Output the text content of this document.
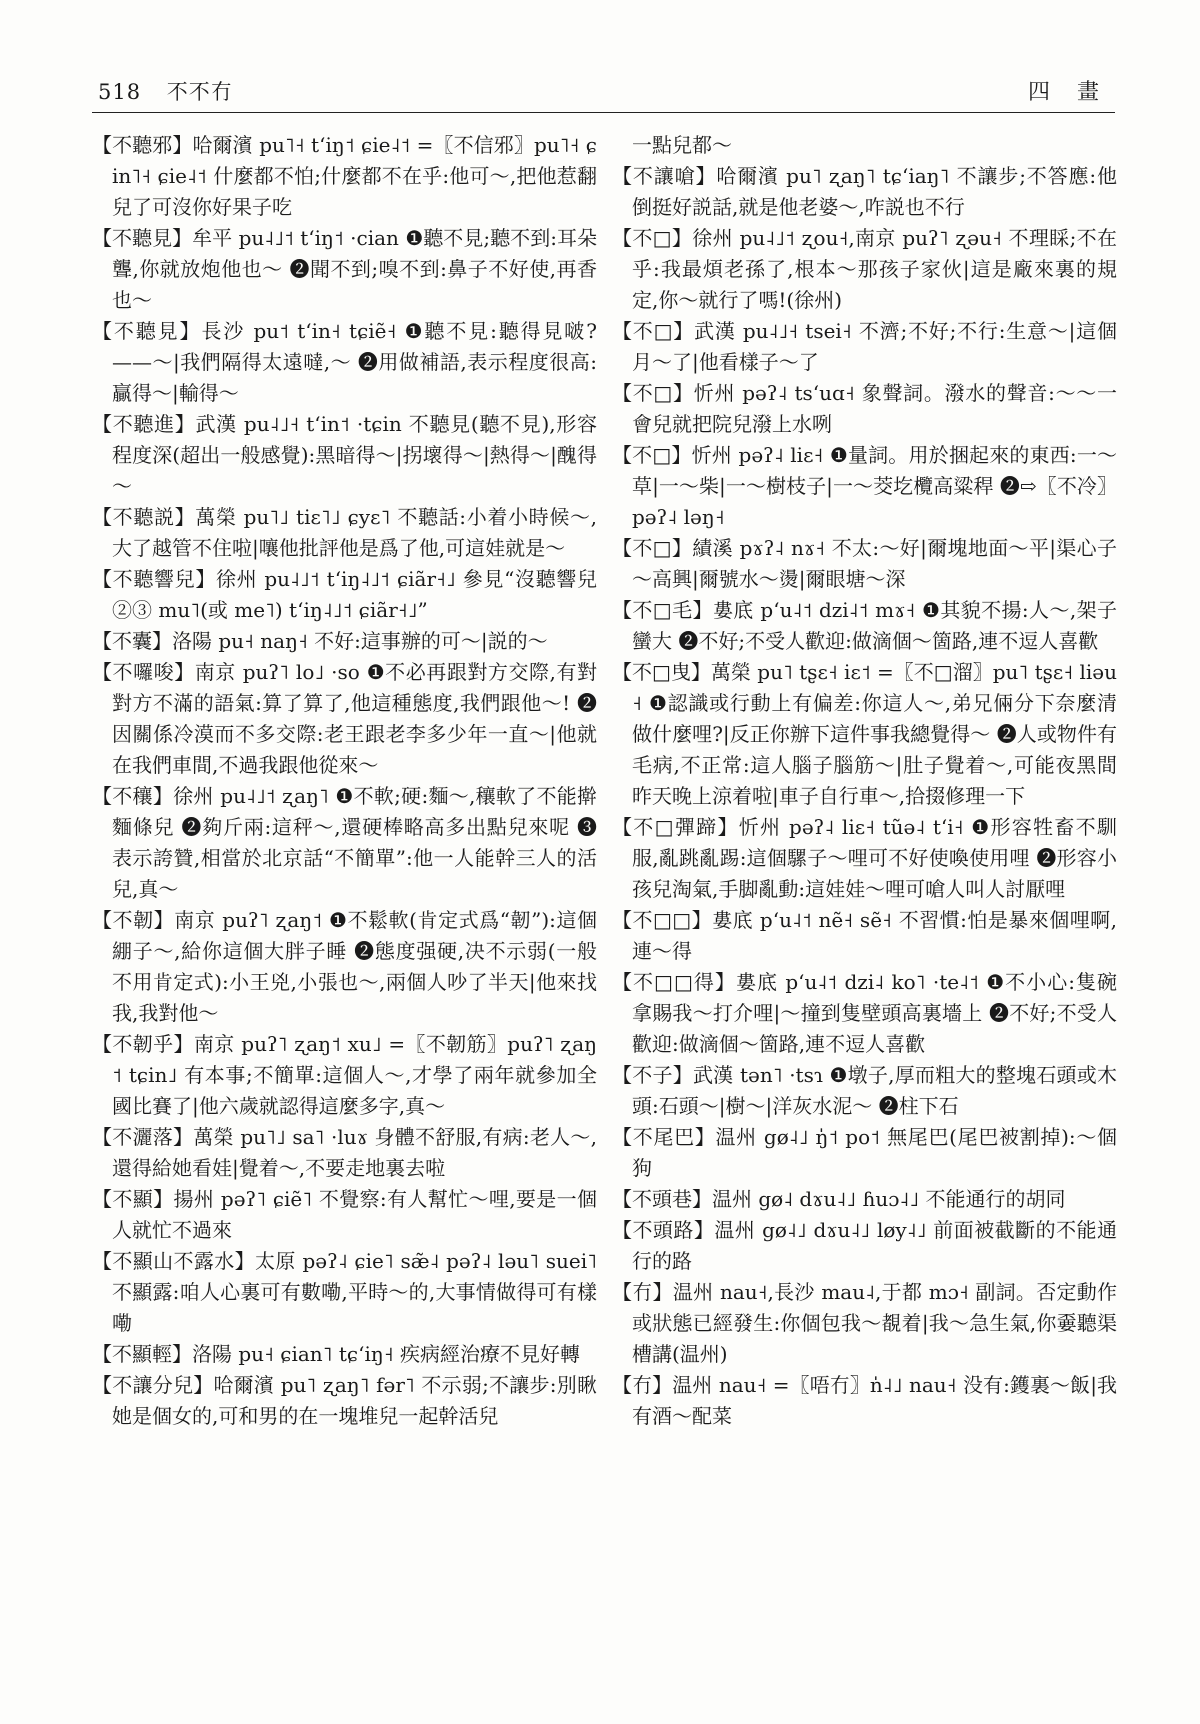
518 不不冇	四 畫

【不聽邪】哈爾濱 pu˥˧ tʻiŋ˦ ɕie˨˦ =〖不信邪〗pu˥˧ ɕin˥˧ ɕie˨˦ 什麼都不怕;什麼都不在乎:他可～,把他惹翻兒了可沒你好果子吃

【不聽見】牟平 pu˨˩˦ tʻiŋ˦ ·cian ❶聽不見;聽不到:耳朵聾,你就放炮他也～ ❷聞不到;嗅不到:鼻子不好使,再香也～

【不聽見】長沙 pu˦ tʻin˧ tɕiẽ˧ ❶聽不見:聽得見啵?——～|我們隔得太遠噠,～ ❷用做補語,表示程度很高:贏得～|輸得～

【不聽進】武漢 pu˨˩˧ tʻin˦ ·tɕin 不聽見(聽不見),形容程度深(超出一般感覺):黑暗得～|拐壞得～|熱得～|醜得～

【不聽説】萬榮 pu˥˩ tiɛ˥˩ ɕyɛ˥ 不聽話:小着小時候～,大了越管不住啦|嚷他批評他是爲了他,可這娃就是～

【不聽響兒】徐州 pu˨˩˦ tʻiŋ˨˩˦ ɕiãr˧˩ 參見“沒聽響兒②③ mu˥(或 me˥) tʻiŋ˨˩˦ ɕiãr˧˩”

【不囊】洛陽 pu˧ naŋ˧ 不好:這事辦的可～|説的～

【不囉唆】南京 puʔ˥ lo˩ ·so ❶不必再跟對方交際,有對對方不滿的語氣:算了算了,他這種態度,我們跟他～! ❷因關係冷漠而不多交際:老王跟老李多少年一直～|他就在我們車間,不過我跟他從來～

【不穰】徐州 pu˨˩˦ ʐaŋ˥ ❶不軟;硬:麵～,穰軟了不能擀麵條兒 ❷夠斤兩:這秤～,還硬棒略高多出點兒來呢 ❸表示誇贊,相當於北京話“不簡單”:他一人能幹三人的活兒,真～

【不韌】南京 puʔ˥ ʐaŋ˦ ❶不鬆軟(肯定式爲“韌”):這個綳子～,給你這個大胖子睡 ❷態度强硬,决不示弱(一般不用肯定式):小王兇,小張也～,兩個人吵了半天|他來找我,我對他～

【不韌乎】南京 puʔ˥ ʐaŋ˦ xu˩ =〖不韌筋〗puʔ˥ ʐaŋ˦ tɕin˩ 有本事;不簡單:這個人～,才學了兩年就參加全國比賽了|他六歲就認得這麼多字,真～

【不灑落】萬榮 pu˥˩ sa˥ ·luɤ 身體不舒服,有病:老人～,還得給她看娃|覺着～,不要走地裏去啦

【不顯】揚州 pəʔ˥ ɕiẽ˥ 不覺察:有人幫忙～哩,要是一個人就忙不過來

【不顯山不露水】太原 pəʔ˨ ɕie˥ sæ̃˨ pəʔ˨ ləu˥ suei˥ 不顯露:咱人心裏可有數嘞,平時～的,大事情做得可有樣嘞

【不顯輕】洛陽 pu˧ ɕian˥ tɕʻiŋ˧ 疾病經治療不見好轉

【不讓分兒】哈爾濱 pu˥ ʐaŋ˥ fər˥ 不示弱;不讓步:別瞅她是個女的,可和男的在一塊堆兒一起幹活兒

一點兒都～

【不讓嗆】哈爾濱 pu˥ ʐaŋ˥ tɕʻiaŋ˥ 不讓步;不答應:他倒挺好説話,就是他老婆～,咋説也不行

【不□】徐州 pu˨˩˦ ʐou˧,南京 puʔ˥ ʐəu˧ 不理睬;不在乎:我最煩老孫了,根本～那孩子家伙|這是廠來裏的規定,你～就行了嗎!(徐州)

【不□】武漢 pu˨˩˧ tsei˧ 不濟;不好;不行:生意～|這個月～了|他看樣子～了

【不□】忻州 pəʔ˨ tsʻuɑ˧ 象聲詞。潑水的聲音:～～一會兒就把院兒潑上水咧

【不□】忻州 pəʔ˨ liɛ˧ ❶量詞。用於捆起來的東西:一～草|一～柴|一～樹枝子|一～茭圪欖高粱稈 ❷⇨〖不冷〗pəʔ˨ ləŋ˧

【不□】績溪 pɤʔ˨ nɤ˧ 不太:～好|爾塊地面～平|渠心子～高興|爾號水～燙|爾眼塘～深

【不□毛】婁底 pʻu˨˦ dzi˨˦ mɤ˧ ❶其貌不揚:人～,架子蠻大 ❷不好;不受人歡迎:做滴個～箇路,連不逗人喜歡

【不□曳】萬榮 pu˥ tʂɛ˧ iɛ˦ =〖不□溜〗pu˥ tʂɛ˧ liəu˧ ❶認識或行動上有偏差:你這人～,弟兄倆分下奈麼清做什麼哩?|反正你辦下這件事我總覺得～ ❷人或物件有毛病,不正常:這人腦子腦筋～|肚子覺着～,可能夜黑間昨天晚上涼着啦|車子自行車～,拾掇修理一下

【不□彈蹄】忻州 pəʔ˨ liɛ˧ tũə˨ tʻi˧ ❶形容牲畜不馴服,亂跳亂踢:這個騾子～哩可不好使喚使用哩 ❷形容小孩兒淘氣,手脚亂動:這娃娃～哩可嗆人叫人討厭哩

【不□□】婁底 pʻu˨˦ nẽ˧ sẽ˧ 不習慣:怕是暴來個哩啊,連～得

【不□□得】婁底 pʻu˨˦ dzi˨ ko˥ ·te˨˦ ❶不小心:隻碗拿賜我～打介哩|～撞到隻壁頭高裏墻上 ❷不好;不受人歡迎:做滴個～箇路,連不逗人喜歡

【不子】武漢 tən˥ ·tsɿ ❶墩子,厚而粗大的整塊石頭或木頭:石頭～|樹～|洋灰水泥～ ❷柱下石

【不尾巴】温州 gø˨˩ ŋ̍˦ po˦ 無尾巴(尾巴被割掉):～個狗

【不頭巷】温州 gø˨ dɤu˨˩ ɦuɔ˨˩ 不能通行的胡同

【不頭路】温州 gø˨˩ dɤu˨˩ løy˨˩ 前面被截斷的不能通行的路

【冇】温州 nau˧,長沙 mau˨,于都 mɔ˧ 副詞。否定動作或狀態已經發生:你個包我～覩着|我～急生氣,你嫑聽渠槽講(温州)

【冇】温州 nau˧ =〖唔冇〗n̍˨˩ nau˧ 没有:鑊裏～飯|我有酒～配菜
